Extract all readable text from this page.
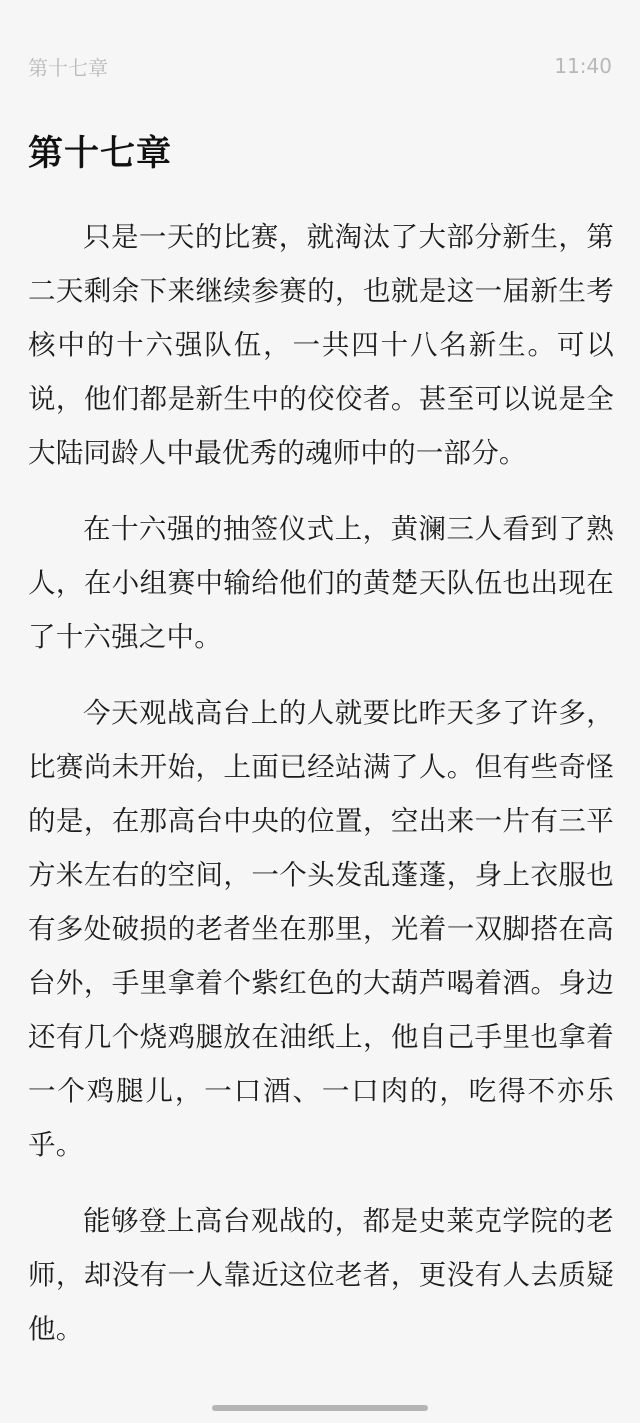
第十七章	11:40
第十七章

只是一天的比赛，就淘汰了大部分新生，第二天剩余下来继续参赛的，也就是这一届新生考核中的十六强队伍，一共四十八名新生。可以说，他们都是新生中的佼佼者。甚至可以说是全大陆同龄人中最优秀的魂师中的一部分。

在十六强的抽签仪式上，黄澜三人看到了熟人，在小组赛中输给他们的黄楚天队伍也出现在了十六强之中。

今天观战高台上的人就要比昨天多了许多，比赛尚未开始，上面已经站满了人。但有些奇怪的是，在那高台中央的位置，空出来一片有三平方米左右的空间，一个头发乱蓬蓬，身上衣服也有多处破损的老者坐在那里，光着一双脚搭在高台外，手里拿着个紫红色的大葫芦喝着酒。身边还有几个烧鸡腿放在油纸上，他自己手里也拿着一个鸡腿儿，一口酒、一口肉的，吃得不亦乐乎。

能够登上高台观战的，都是史莱克学院的老师，却没有一人靠近这位老者，更没有人去质疑他。
